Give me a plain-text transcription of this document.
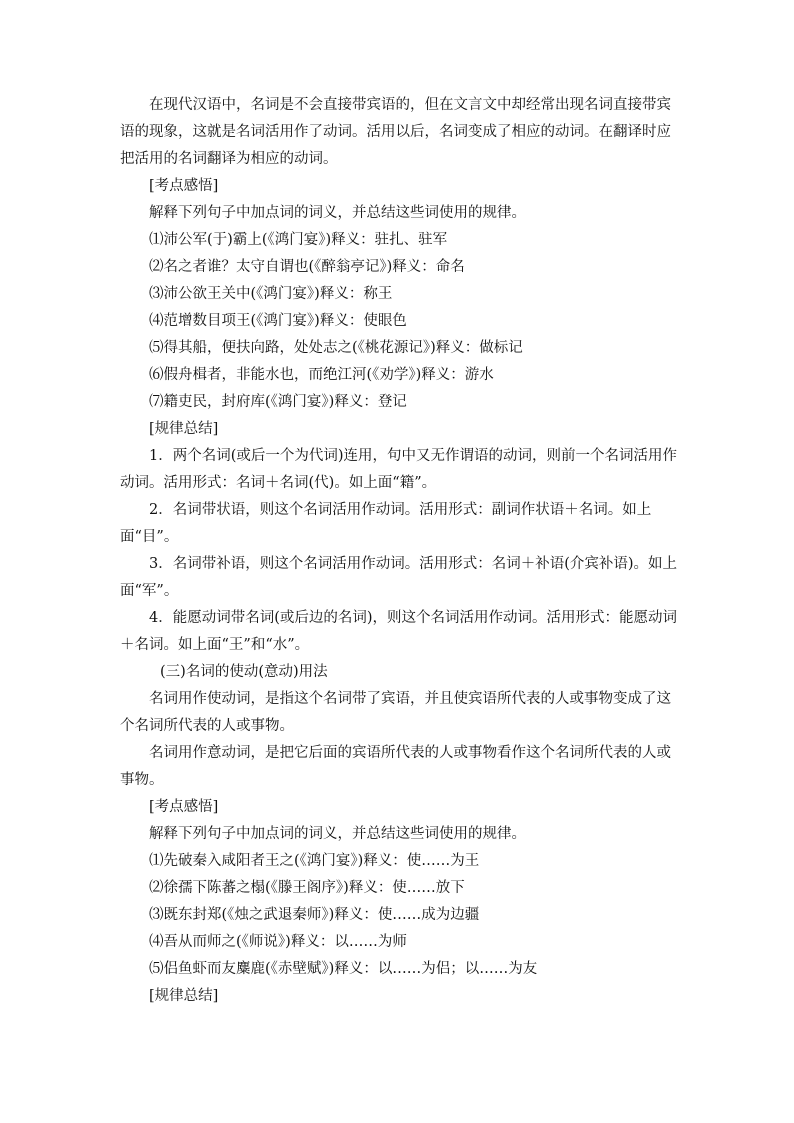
在现代汉语中，名词是不会直接带宾语的，但在文言文中却经常出现名词直接带宾语的现象，这就是名词活用作了动词。活用以后，名词变成了相应的动词。在翻译时应把活用的名词翻译为相应的动词。

[考点感悟]
解释下列句子中加点词的词义，并总结这些词使用的规律。
⑴沛公军(于)霸上(《鸿门宴》)释义：驻扎、驻军
⑵名之者谁？太守自谓也(《醉翁亭记》)释义：命名
⑶沛公欲王关中(《鸿门宴》)释义：称王
⑷范增数目项王(《鸿门宴》)释义：使眼色
⑸得其船，便扶向路，处处志之(《桃花源记》)释义：做标记
⑹假舟楫者，非能水也，而绝江河(《劝学》)释义：游水
⑺籍吏民，封府库(《鸿门宴》)释义：登记
[规律总结]

1．两个名词(或后一个为代词)连用，句中又无作谓语的动词，则前一个名词活用作动词。活用形式：名词＋名词(代)。如上面“籍”。

2．名词带状语，则这个名词活用作动词。活用形式：副词作状语＋名词。如上面“目”。

3．名词带补语，则这个名词活用作动词。活用形式：名词＋补语(介宾补语)。如上面“军”。

4．能愿动词带名词(或后边的名词)，则这个名词活用作动词。活用形式：能愿动词＋名词。如上面“王”和“水”。

(三)名词的使动(意动)用法

名词用作使动词，是指这个名词带了宾语，并且使宾语所代表的人或事物变成了这个名词所代表的人或事物。

名词用作意动词，是把它后面的宾语所代表的人或事物看作这个名词所代表的人或事物。

[考点感悟]
解释下列句子中加点词的词义，并总结这些词使用的规律。
⑴先破秦入咸阳者王之(《鸿门宴》)释义：使……为王
⑵徐孺下陈蕃之榻(《滕王阁序》)释义：使……放下
⑶既东封郑(《烛之武退秦师》)释义：使……成为边疆
⑷吾从而师之(《师说》)释义：以……为师
⑸侣鱼虾而友麋鹿(《赤壁赋》)释义：以……为侣；以……为友
[规律总结]
